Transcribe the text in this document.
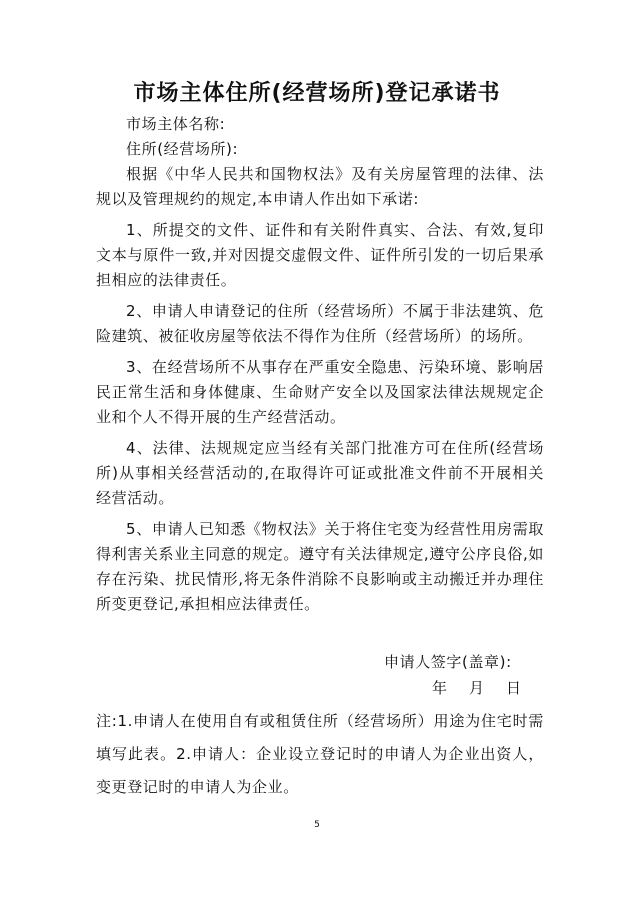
市场主体住所(经营场所)登记承诺书

市场主体名称:

住所(经营场所):

根据《中华人民共和国物权法》及有关房屋管理的法律、法规以及管理规约的规定,本申请人作出如下承诺:

1、所提交的文件、证件和有关附件真实、合法、有效,复印文本与原件一致,并对因提交虚假文件、证件所引发的一切后果承担相应的法律责任。

2、申请人申请登记的住所（经营场所）不属于非法建筑、危险建筑、被征收房屋等依法不得作为住所（经营场所）的场所。

3、在经营场所不从事存在严重安全隐患、污染环境、影响居民正常生活和身体健康、生命财产安全以及国家法律法规规定企业和个人不得开展的生产经营活动。

4、法律、法规规定应当经有关部门批准方可在住所(经营场所)从事相关经营活动的,在取得许可证或批准文件前不开展相关经营活动。

5、申请人已知悉《物权法》关于将住宅变为经营性用房需取得利害关系业主同意的规定。遵守有关法律规定,遵守公序良俗,如存在污染、扰民情形,将无条件消除不良影响或主动搬迁并办理住所变更登记,承担相应法律责任。

申请人签字(盖章):
年 月 日
注:1.申请人在使用自有或租赁住所（经营场所）用途为住宅时需填写此表。2.申请人：企业设立登记时的申请人为企业出资人，变更登记时的申请人为企业。
5
